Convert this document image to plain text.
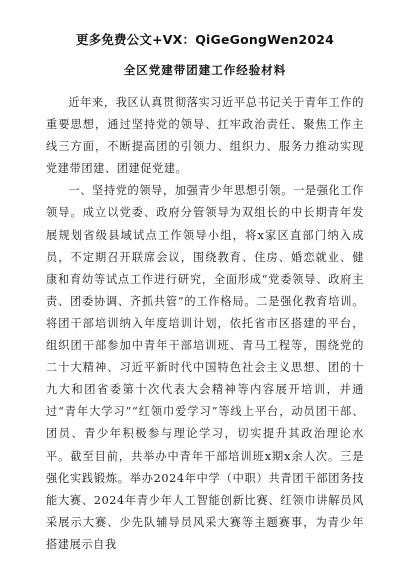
更多免费公文+VX：QiGeGongWen2024
全区党建带团建工作经验材料

近年来，我区认真贯彻落实习近平总书记关于青年工作的重要思想，通过坚持党的领导、扛牢政治责任、聚焦工作主线三方面，不断提高团的引领力、组织力、服务力推动实现党建带团建、团建促党建。

一、坚持党的领导，加强青少年思想引领。一是强化工作领导。成立以党委、政府分管领导为双组长的中长期青年发展规划省级县域试点工作领导小组，将x家区直部门纳入成员，不定期召开联席会议，围绕教育、住房、婚恋就业、健康和育幼等试点工作进行研究，全面形成“党委领导、政府主责、团委协调、齐抓共管”的工作格局。二是强化教育培训。将团干部培训纳入年度培训计划，依托省市区搭建的平台，组织团干部参加中青年干部培训班、青马工程等，围绕党的二十大精神、习近平新时代中国特色社会主义思想、团的十九大和团省委第十次代表大会精神等内容展开培训，并通过“青年大学习”“红领巾爱学习”等线上平台，动员团干部、团员、青少年积极参与理论学习，切实提升其政治理论水平。截至目前，共举办中青年干部培训班x期x余人次。三是强化实践锻炼。举办2024年中学（中职）共青团干部团务技能大赛、2024年青少年人工智能创新比赛、红领巾讲解员风采展示大赛、少先队辅导员风采大赛等主题赛事，为青少年搭建展示自我
